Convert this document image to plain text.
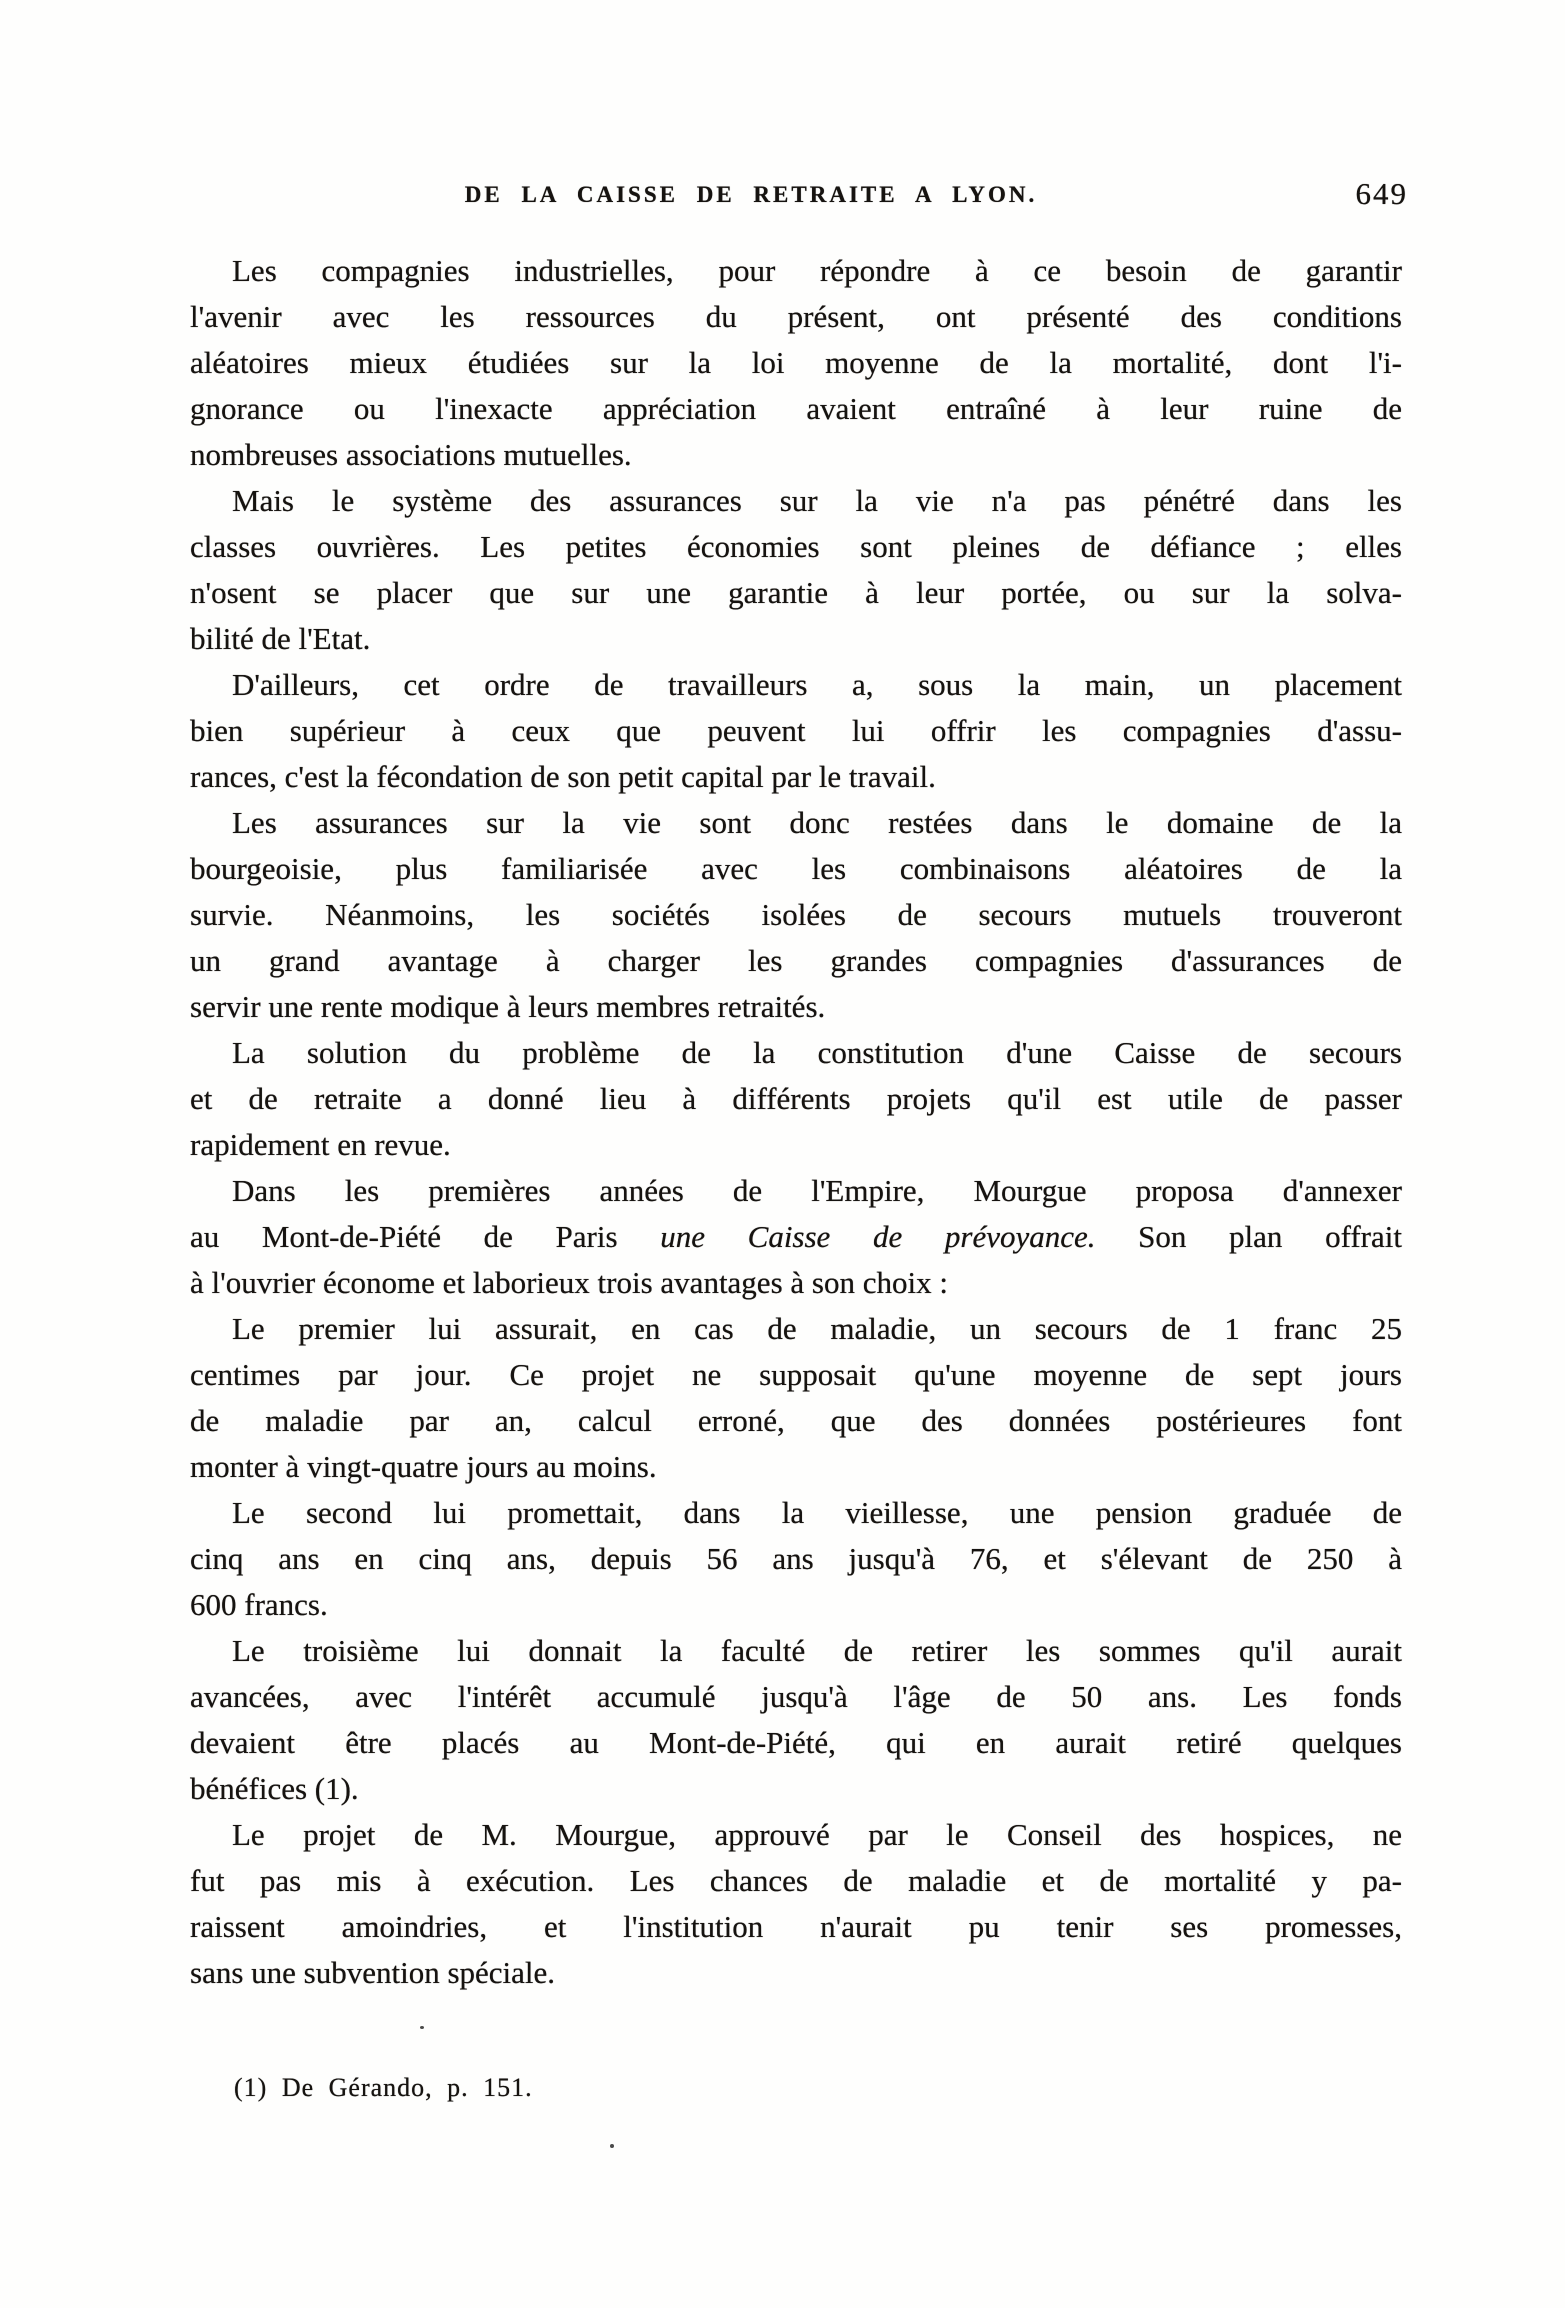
DE LA CAISSE DE RETRAITE A LYON.	649
Les compagnies industrielles, pour répondre à ce besoin de garantir
l'avenir avec les ressources du présent, ont présenté des conditions
aléatoires mieux étudiées sur la loi moyenne de la mortalité, dont l'i-
gnorance ou l'inexacte appréciation avaient entraîné à leur ruine de
nombreuses associations mutuelles.
Mais le système des assurances sur la vie n'a pas pénétré dans les
classes ouvrières. Les petites économies sont pleines de défiance ; elles
n'osent se placer que sur une garantie à leur portée, ou sur la solva-
bilité de l'Etat.
D'ailleurs, cet ordre de travailleurs a, sous la main, un placement
bien supérieur à ceux que peuvent lui offrir les compagnies d'assu-
rances, c'est la fécondation de son petit capital par le travail.
Les assurances sur la vie sont donc restées dans le domaine de la
bourgeoisie, plus familiarisée avec les combinaisons aléatoires de la
survie. Néanmoins, les sociétés isolées de secours mutuels trouveront
un grand avantage à charger les grandes compagnies d'assurances de
servir une rente modique à leurs membres retraités.
La solution du problème de la constitution d'une Caisse de secours
et de retraite a donné lieu à différents projets qu'il est utile de passer
rapidement en revue.
Dans les premières années de l'Empire, Mourgue proposa d'annexer
au Mont-de-Piété de Paris une Caisse de prévoyance. Son plan offrait
à l'ouvrier économe et laborieux trois avantages à son choix :
Le premier lui assurait, en cas de maladie, un secours de 1 franc 25
centimes par jour. Ce projet ne supposait qu'une moyenne de sept jours
de maladie par an, calcul erroné, que des données postérieures font
monter à vingt-quatre jours au moins.
Le second lui promettait, dans la vieillesse, une pension graduée de
cinq ans en cinq ans, depuis 56 ans jusqu'à 76, et s'élevant de 250 à
600 francs.
Le troisième lui donnait la faculté de retirer les sommes qu'il aurait
avancées, avec l'intérêt accumulé jusqu'à l'âge de 50 ans. Les fonds
devaient être placés au Mont-de-Piété, qui en aurait retiré quelques
bénéfices (1).
Le projet de M. Mourgue, approuvé par le Conseil des hospices, ne
fut pas mis à exécution. Les chances de maladie et de mortalité y pa-
raissent amoindries, et l'institution n'aurait pu tenir ses promesses,
sans une subvention spéciale.
(1) De Gérando, p. 151.
